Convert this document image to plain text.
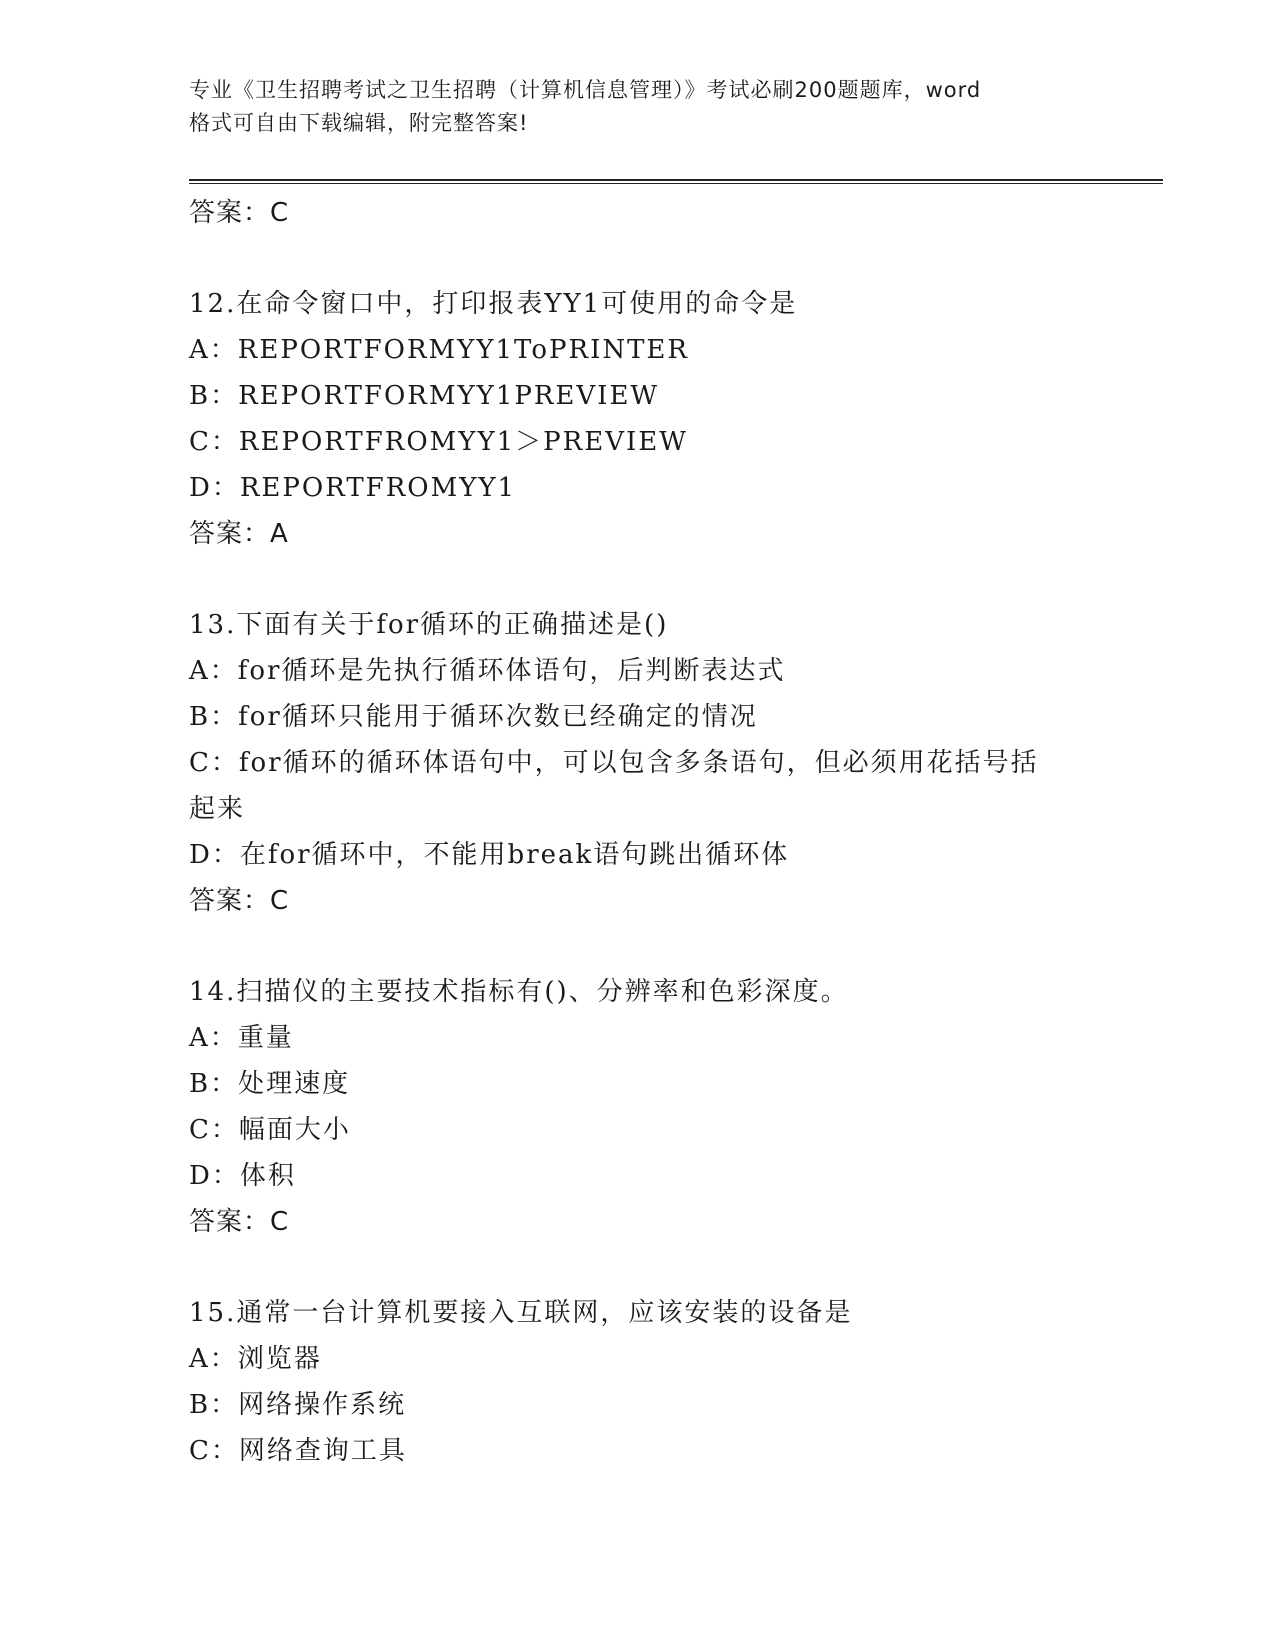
专业《卫生招聘考试之卫生招聘（计算机信息管理）》考试必刷200题题库，word
格式可自由下载编辑，附完整答案!
答案：C
12.在命令窗口中，打印报表YY1可使用的命令是
A：REPORTFORMYY1ToPRINTER
B：REPORTFORMYY1PREVIEW
C：REPORTFROMYY1＞PREVIEW
D：REPORTFROMYY1
答案：A
13.下面有关于for循环的正确描述是()
A：for循环是先执行循环体语句，后判断表达式
B：for循环只能用于循环次数已经确定的情况
C：for循环的循环体语句中，可以包含多条语句，但必须用花括号括
起来
D：在for循环中，不能用break语句跳出循环体
答案：C
14.扫描仪的主要技术指标有()、分辨率和色彩深度。
A：重量
B：处理速度
C：幅面大小
D：体积
答案：C
15.通常一台计算机要接入互联网，应该安装的设备是
A：浏览器
B：网络操作系统
C：网络查询工具
